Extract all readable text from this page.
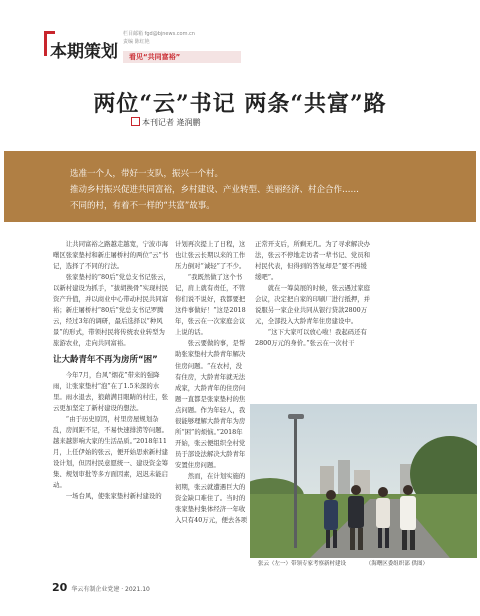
本期策划
栏目邮箱 fgd@bjnews.com.cn
责编 陈红艳
看见“共同富裕”
两位“云”书记 两条“共富”路
本刊记者 逄润鹏
选准一个人，带好一支队，振兴一个村。
推动乡村振兴促进共同富裕，乡村建设、产业转型、美丽经济、村企合作……
不同的村，有着不一样的“共富”故事。

让共同富裕之路越走越宽，宁波市海曙区张家垫村和新庄屠桥村的两位“云”书记，选择了不同的行法。

张家垫村的“80后”党总支书记张云，以新村建设为抓手，“拔胡换骨”实现村民资产升值，并以商业中心带动村民共同富裕；新庄屠桥村“80后”党总支书记罗腾云，经过3年的调研，最后选择以“种风景”的形式，带领村民将传统农业转型为旅游农业，走向共同富裕。

让大龄青年不再为房所“困”

今年7月，台风“烟花”带来的强降雨，让张家垫村“泡”在了1.5米深的水里。雨水退去，狼藉满目眼睛的村庄，张云更加坚定了新村建设的想法。

“由于历史原因，村里房屋规划杂乱，房间距不足，不易快速排涝等问题。越来越影响大家的生活品质。”2018年11月，上任伊始的张云，便开始思索新村建设计划，但因村民意愿统一、建设资金筹集、规划审批等多方面因素，迟迟未能启动。

一场台风，使张家垫村新村建设的

计划再次提上了日程，这也让张云长期以来的工作压力倒对“诚轻”了不少。

“我既然做了这个书记，肩上就有责任，不管你们说不说好，我都要把这件事做好！”这是2018年，张云在一次家庭会议上说的话。

张云要做的事，是帮助张家垫村大龄青年解决住房问题。“在农村，没有住房，大龄青年就无法成家，大龄青年的住房问题一直都是张家垫村的焦点问题。作为年轻人，我很能够理解大龄青年为房所“困”的烦恼。”2018年开始，张云便组织全村党员于部设法解决大龄青年安置住房问题。

然而，在计划实施的初期，张云就遭遇巨大的资金缺口难住了。当时的张家垫村集体经济一年收入只有40万元，便去各项

正常开支后，所剩无几。为了寻求解决办法，张云不停地走访者一辈书记、党员和村民代表，但得到的答复却是“要不再缓缓吧”。

就在一筹莫展的时候，张云遇过家庭会议，决定把自家的印刷厂进行抵押，并说服另一家企业共同从银行贷款2800万元，全部投入大龄青年住房建设中。

“这下大家可以放心啦！我起码还有2800万元的身价。”张云在一次村干

张云（左一）带领专家考察新村建设	（海曙区委组织部 供图）
20 华云有制企业党建 · 2021.10
